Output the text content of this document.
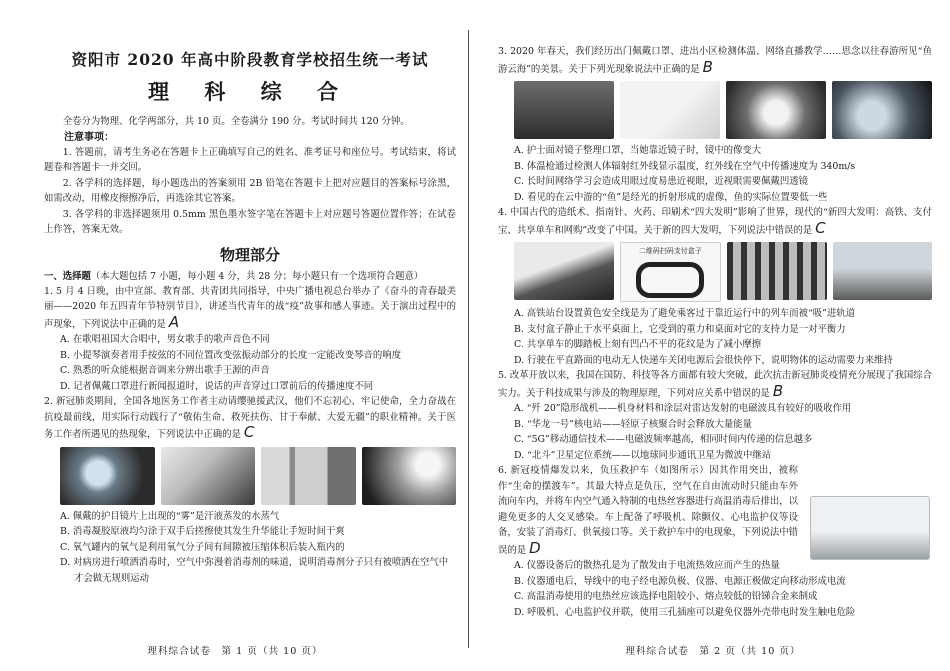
资阳市 2020 年高中阶段教育学校招生统一考试
理 科 综 合

全卷分为物理、化学两部分，共 10 页。全卷满分 190 分。考试时间共 120 分钟。

注意事项：

1. 答题前，请考生务必在答题卡上正确填写自己的姓名、准考证号和座位号。考试结束，将试题卷和答题卡一并交回。

2. 各学科的选择题，每小题选出的答案须用 2B 铅笔在答题卡上把对应题目的答案标号涂黑，如需改动，用橡皮擦擦净后，再选涂其它答案。

3. 各学科的非选择题须用 0.5mm 黑色墨水签字笔在答题卡上对应题号答题位置作答；在试卷上作答，答案无效。

物理部分
一、选择题（本大题包括 7 小题，每小题 4 分，共 28 分；每小题只有一个选项符合题意）

1. 5 月 4 日晚，由中宣部、教育部、共青团共同指导，中央广播电视总台举办了《奋斗的青春最美丽——2020 年五四青年节特别节目》，讲述当代青年的战“疫”故事和感人事迹。关于演出过程中的声现象，下列说法中正确的是 A

A. 在歌唱祖国大合唱中，男女歌手的歌声音色不同

B. 小提琴演奏者用手按弦的不同位置改变弦振动部分的长度一定能改变琴音的响度

C. 熟悉的听众能根据音调来分辨出歌手王源的声音

D. 记者佩戴口罩进行新闻报道时，说话的声音穿过口罩前后的传播速度不同

2. 新冠肺炎期间，全国各地医务工作者主动请缨驰援武汉，他们不忘初心、牢记使命，全力奋战在抗疫最前线，用实际行动践行了“敬佑生命、救死扶伤、甘于奉献、大爱无疆”的职业精神。关于医务工作者所遇见的热现象，下列说法中正确的是 C

A. 佩戴的护目镜片上出现的“雾”是汗液蒸发的水蒸气

B. 消毒凝胶原液均匀涂于双手后搓擦使其发生升华能让手短时间干爽

C. 氧气罐内的氧气是利用氧气分子间有间隙被压缩体积后装入瓶内的

D. 对病房进行喷洒消毒时，空气中弥漫着消毒剂的味道，说明消毒剂分子只有被喷洒在空气中才会做无规则运动

理科综合试卷　第 1 页（共 10 页）

3. 2020 年春天，我们经历出门佩戴口罩、进出小区检测体温、网络直播教学……思念以往春游所见“鱼游云海”的美景。关于下列光现象说法中正确的是 B

A. 护士面对镜子整理口罩，当她靠近镜子时，镜中的像变大

B. 体温枪通过检测人体辐射红外线显示温度，红外线在空气中传播速度为 340m/s

C. 长时间网络学习会造成用眼过度易患近视眼，近视眼需要佩戴凹透镜

D. 看见的在云中游的“鱼”是经光的折射形成的虚像，鱼的实际位置要低一些

4. 中国古代的造纸术、指南针、火药、印刷术“四大发明”影响了世界，现代的“新四大发明：高铁、支付宝、共享单车和网购”改变了中国。关于新的四大发明，下列说法中错误的是 C

二维码扫码支付盒子

A. 高铁站台设置黄色安全线是为了避免乘客过于靠近运行中的列车而被“吸”进轨道

B. 支付盒子静止于水平桌面上，它受到的重力和桌面对它的支持力是一对平衡力

C. 共享单车的脚踏板上刻有凹凸不平的花纹是为了减小摩擦

D. 行驶在平直路面的电动无人快递车关闭电源后会很快停下，说明物体的运动需要力来维持

5. 改革开放以来，我国在国防、科技等各方面都有较大突破，此次抗击新冠肺炎疫情充分展现了我国综合实力。关于科技成果与涉及的物理原理，下列对应关系中错误的是 B

A. “歼 20”隐形战机——机身材料和涂层对雷达发射的电磁波具有较好的吸收作用

B. “华龙一号”核电站——轻原子核聚合时会释放大量能量

C. “5G”移动通信技术——电磁波频率越高，相同时间内传递的信息越多

D. “北斗”卫星定位系统——以地球同步通讯卫星为微波中继站

6. 新冠疫情爆发以来，负压救护车（如图所示）因其作用突出，被称作“生命的摆渡车”。其最大特点是负压，空气在自由流动时只能由车外流向车内，并将车内空气通入特制的电热丝容器进行高温消毒后排出，以避免更多的人交叉感染。车上配备了呼吸机、除颤仪、心电监护仪等设备，安装了消毒灯、供氧接口等。关于救护车中的电现象，下列说法中错误的是 D

A. 仪器设备后的散热孔是为了散发由于电流热效应而产生的热量

B. 仪器通电后，导线中的电子经电源负极、仪器、电源正极做定向移动形成电流

C. 高温消毒使用的电热丝应该选择电阻较小、熔点较低的铅锑合金来制成

D. 呼吸机、心电监护仪并联，使用三孔插座可以避免仪器外壳带电时发生触电危险

理科综合试卷　第 2 页（共 10 页）
